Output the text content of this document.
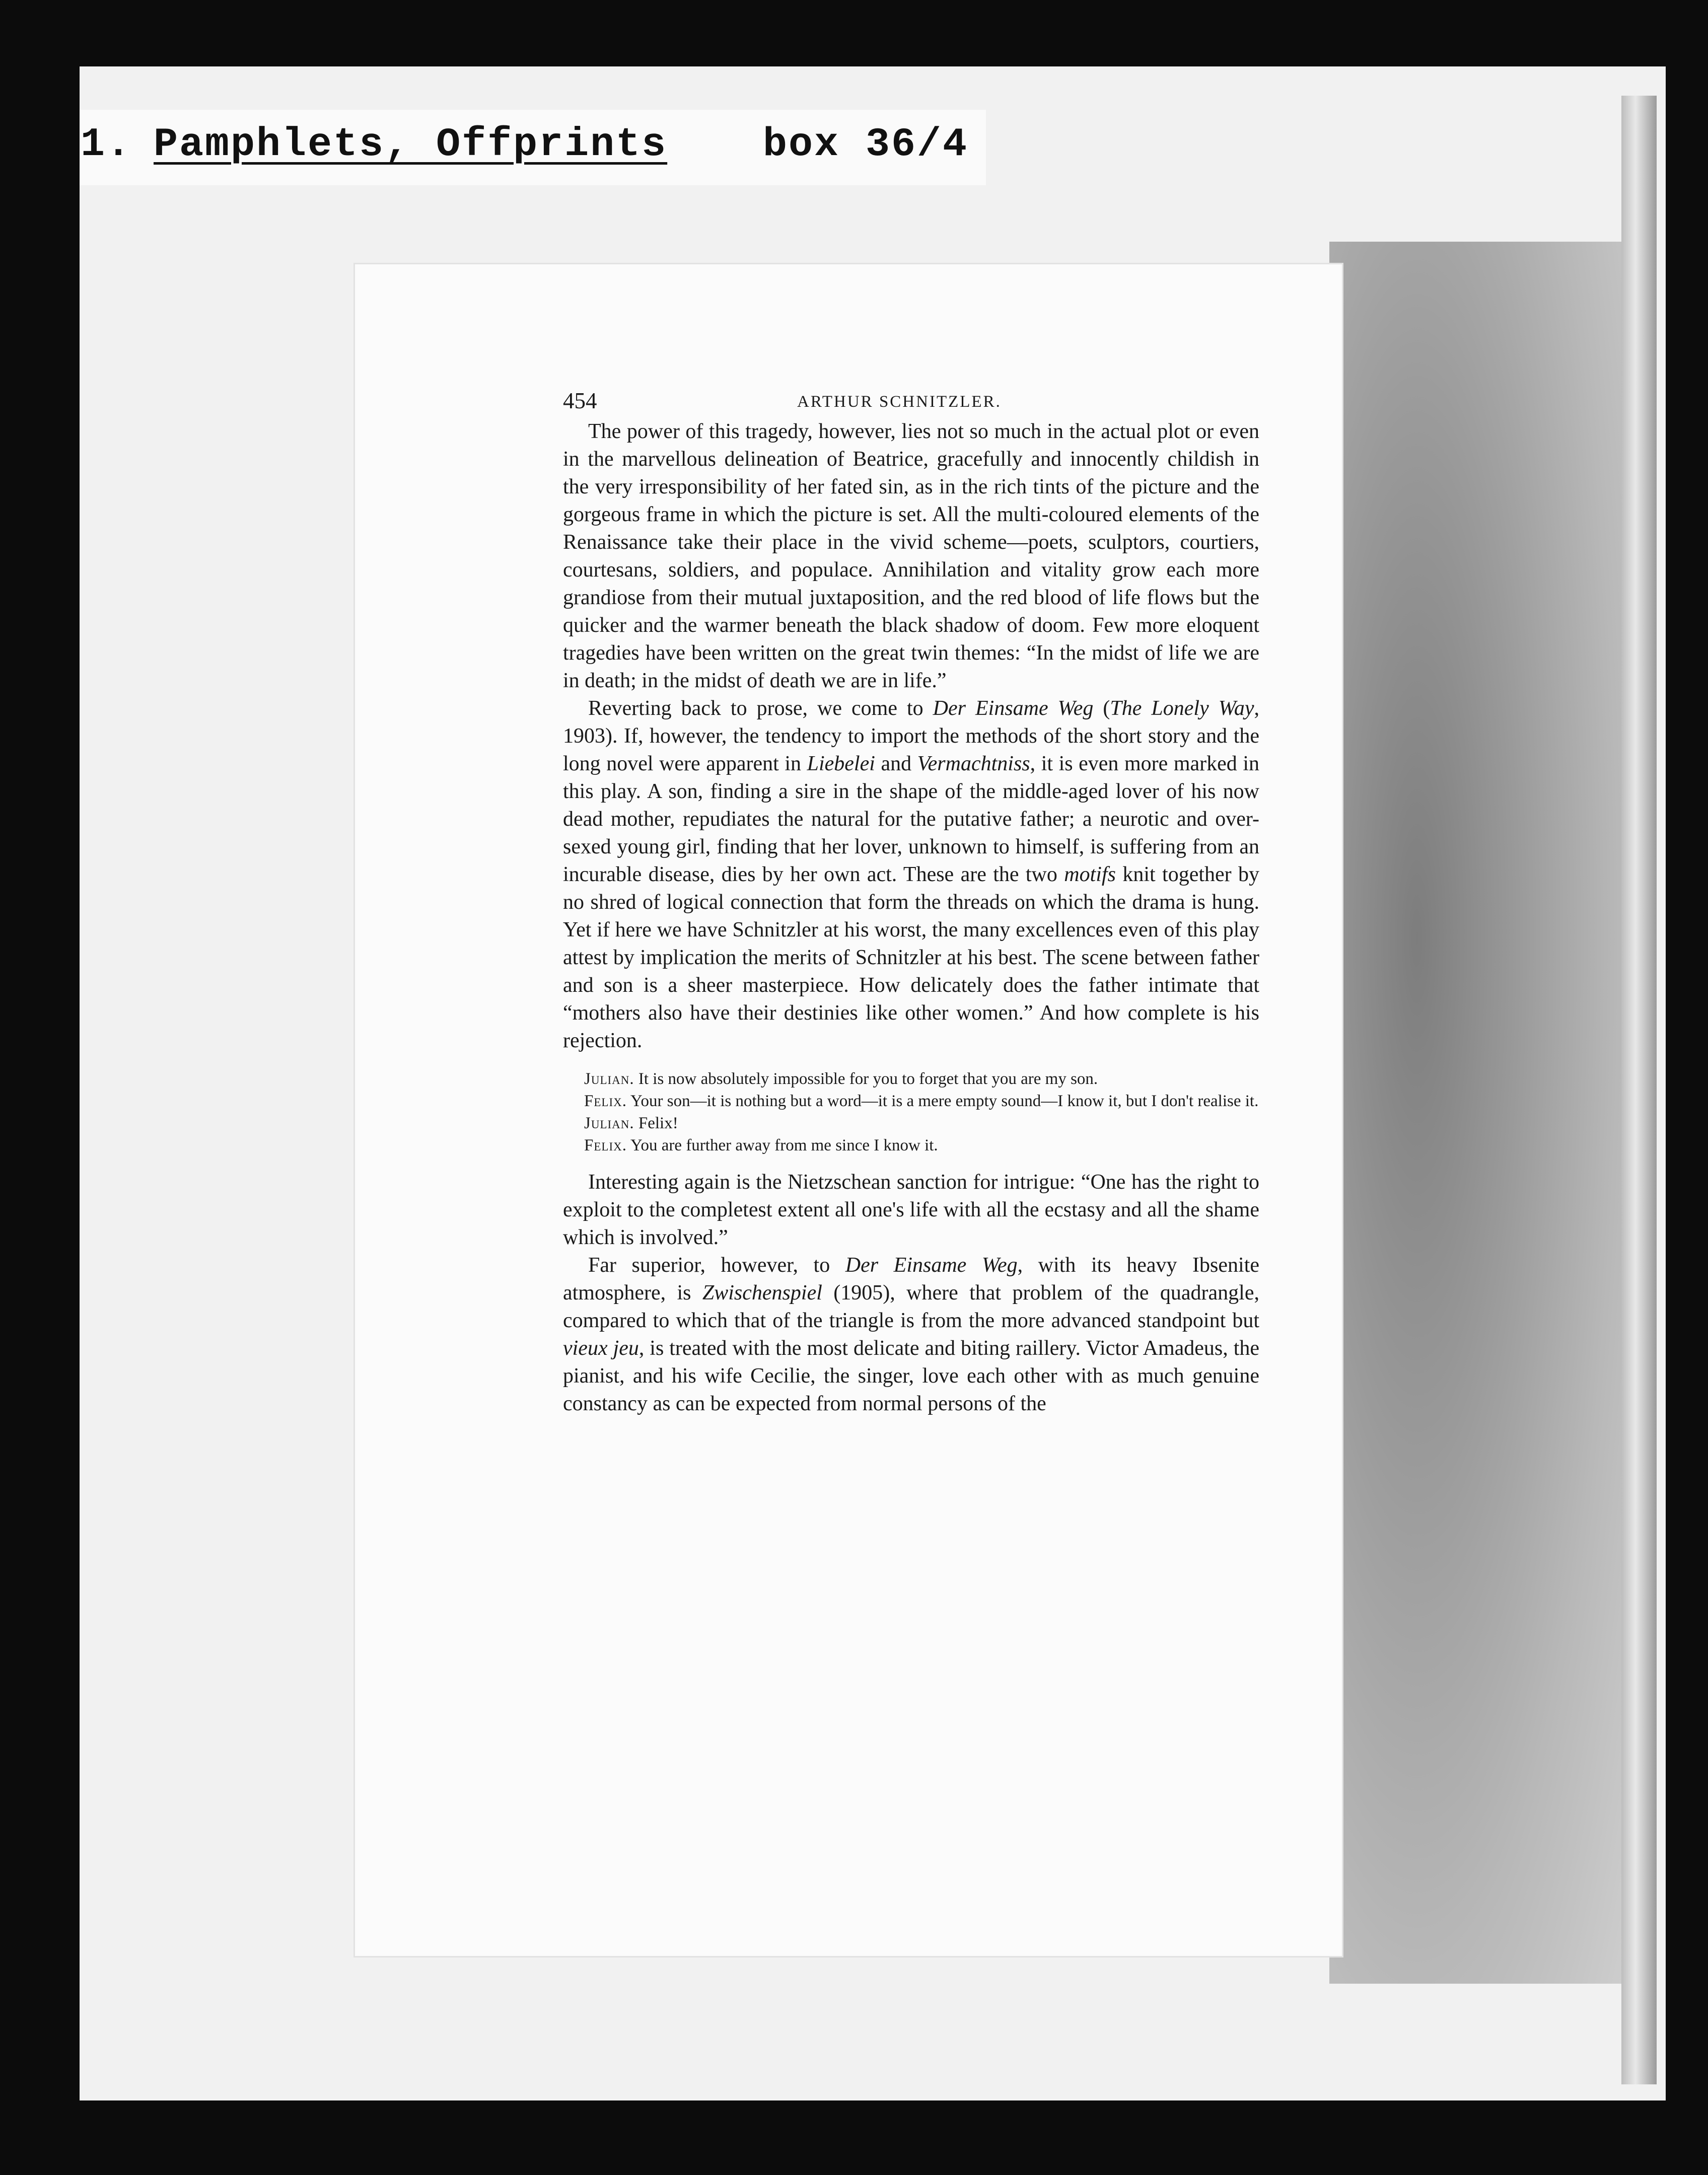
1. Pamphlets, Offprints box 36/4
454	ARTHUR SCHNITZLER.

The power of this tragedy, however, lies not so much in the actual plot or even in the marvellous delineation of Beatrice, gracefully and innocently childish in the very irresponsibility of her fated sin, as in the rich tints of the picture and the gorgeous frame in which the picture is set. All the multi-coloured elements of the Renaissance take their place in the vivid scheme—poets, sculptors, courtiers, courtesans, soldiers, and populace. Annihilation and vitality grow each more grandiose from their mutual juxtaposition, and the red blood of life flows but the quicker and the warmer beneath the black shadow of doom. Few more eloquent tragedies have been written on the great twin themes: “In the midst of life we are in death; in the midst of death we are in life.”

Reverting back to prose, we come to Der Einsame Weg (The Lonely Way, 1903). If, however, the tendency to import the methods of the short story and the long novel were apparent in Liebelei and Vermachtniss, it is even more marked in this play. A son, finding a sire in the shape of the middle-aged lover of his now dead mother, repudiates the natural for the putative father; a neurotic and over-sexed young girl, finding that her lover, unknown to himself, is suffering from an incurable disease, dies by her own act. These are the two motifs knit together by no shred of logical connection that form the threads on which the drama is hung. Yet if here we have Schnitzler at his worst, the many excellences even of this play attest by implication the merits of Schnitzler at his best. The scene between father and son is a sheer masterpiece. How delicately does the father intimate that “mothers also have their destinies like other women.” And how complete is his rejection.

Julian. It is now absolutely impossible for you to forget that you are my son.

Felix. Your son—it is nothing but a word—it is a mere empty sound—I know it, but I don't realise it.

Julian. Felix!

Felix. You are further away from me since I know it.

Interesting again is the Nietzschean sanction for intrigue: “One has the right to exploit to the completest extent all one's life with all the ecstasy and all the shame which is involved.”

Far superior, however, to Der Einsame Weg, with its heavy Ibsenite atmosphere, is Zwischenspiel (1905), where that problem of the quadrangle, compared to which that of the triangle is from the more advanced standpoint but vieux jeu, is treated with the most delicate and biting raillery. Victor Amadeus, the pianist, and his wife Cecilie, the singer, love each other with as much genuine constancy as can be expected from normal persons of the
